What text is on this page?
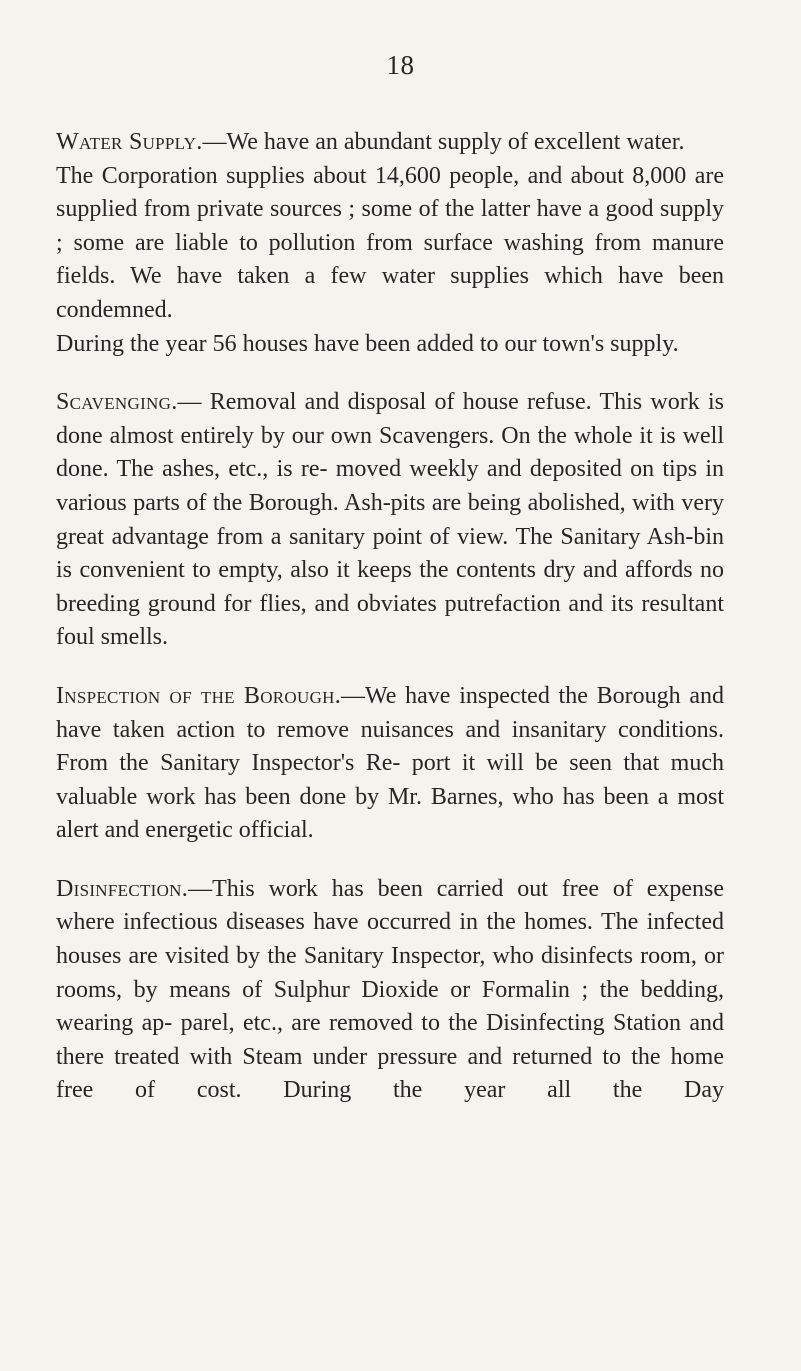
18

Water Supply.—We have an abundant supply of excellent water.

The Corporation supplies about 14,600 people, and about 8,000 are supplied from private sources ; some of the latter have a good supply ; some are liable to pollution from surface washing from manure fields. We have taken a few water supplies which have been condemned.

During the year 56 houses have been added to our town's supply.

Scavenging.— Removal and disposal of house refuse. This work is done almost entirely by our own Scavengers. On the whole it is well done. The ashes, etc., is re- moved weekly and deposited on tips in various parts of the Borough. Ash-pits are being abolished, with very great advantage from a sanitary point of view. The Sanitary Ash-bin is convenient to empty, also it keeps the contents dry and affords no breeding ground for flies, and obviates putrefaction and its resultant foul smells.

Inspection of the Borough.—We have inspected the Borough and have taken action to remove nuisances and insanitary conditions. From the Sanitary Inspector's Re- port it will be seen that much valuable work has been done by Mr. Barnes, who has been a most alert and energetic official.

Disinfection.—This work has been carried out free of expense where infectious diseases have occurred in the homes. The infected houses are visited by the Sanitary Inspector, who disinfects room, or rooms, by means of Sulphur Dioxide or Formalin ; the bedding, wearing ap- parel, etc., are removed to the Disinfecting Station and there treated with Steam under pressure and returned to the home free of cost. During the year all the Day
